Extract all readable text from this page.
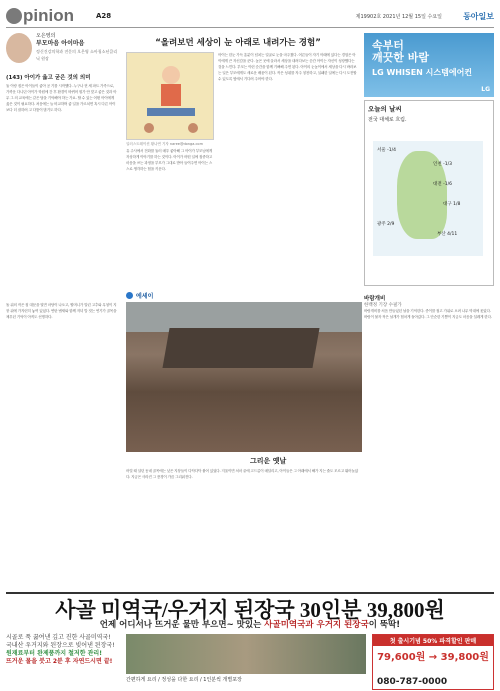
pinion	A28	제19902호 2021년 12월 15일 수요일	동아일보
오은영의
부모마음 아이마음
정신건강의학과 전문의 오은영 소아청소년클리닉 원장
(143) 아이가 옳고 굳은 것의 의미
둘 이랑 집은 아이들이 좋아 공 기를 시작했다. 누구나 현 세 파트 가족으로, 가까운 다니던 아이가 학원에 간 후 환경이 바뀌어 뭔가 안 맞고 좋은 것과 아무 그 의 교육에는 같은 답을 기억해야 하는 가요. 할 수 있는 어떤 아이에게 옳은 것이 필요하다. 처음에는 늘 비교하며 좋 일을 가르치면 혹시 다른 아이보다 더 잘하려 고 다툼이 많기도 하다.
“올려보던 세상이 눈 아래로 내려가는 경험”
일러스트레이션 황나연 기자 naree@donga.com
유 주사에서 전화를 둘러 매우 좋아해 그 아이가 부모님에게 자상하게 이야기를 하는 것이다. 아이가 어떤 일에 집중하고 마음을 쓰는 과정을 부모가 그대로 받아 들여주면 아이는 스스로 생각하는 힘을 키운다.
아이는 한눈 가득 흥분이 넘치는 얼굴로 눈을 마주쳤다. 어른들이 자기 아래에 있다는 경험은 아이에게 큰 자신감을 준다. 높은 곳에 올라서 세상을 내려다보는 순간 아이는 자신이 성장했다는 것을 느낀다. 부모는 이런 순간을 함께 기뻐해 주면 된다. 아이의 눈높이에서 세상을 다시 바라보는 일은 부모에게도 새로운 배움이 된다. 작은 성취를 자주 칭찬하고, 실패한 일에는 다시 도전할 수 있도록 옆에서 기다려 주어야 한다.
속부터
깨끗한 바람
LG WHISEN 시스템에어컨
LG
오늘의 날씨
전국 대체로 흐림.
서울 -1/4
인천 -1/3
대전 -1/6
대구 1/8
광주 2/9
부산 4/11
에세이
그리운 옛날
어릴 때 살던 동네 골목에는 낮은 지붕들이 다닥다닥 붙어 있었다. 겨울이면 처마 끝에 고드름이 매달리고, 아이들은 그 아래에서 해가 지는 줄도 모르고 뛰어놀았다. 지금은 사라진 그 풍경이 가끔 그리워진다.
돌 위의 작은 집 대문을 열면 마당이 나오고, 할머니가 말린 고추와 무청이 지붕 위에 가지런히 놓여 있었다. 연탄 냄새와 함께 저녁 밥 짓는 연기가 골목을 채우던 기억이 아직도 선명하다.
바람개비
한백정 기장 수필가
바람개비를 처음 만들었던 날을 기억한다. 종이를 접고 가위로 오려 나무 막대에 꽂았다. 바람이 불자 작은 날개가 힘차게 돌아갔다. 그 단순한 기쁨이 지금도 마음을 설레게 한다.
사골 미역국/우거지 된장국 30인분 39,800원
언제 어디서나 뜨거운 물만 부으면~ 맛있는 사골미역국과 우거지 된장국이 뚝딱!
시골로 푹 끓여낸 깊고 진한 사골미역국!
국내산 우거지와 된장으로 빚어낸 된장국!
원재료부터 완제품까지 철저한 관리!
뜨거운 물을 붓고 2분 후 자연드시면 끝!
간편하게 요리 / 정성을 다한 요리 / 1인분씩 개별포장
첫 출시기념 50% 파격할인 판매
79,600원 → 39,800원
080-787-0000
